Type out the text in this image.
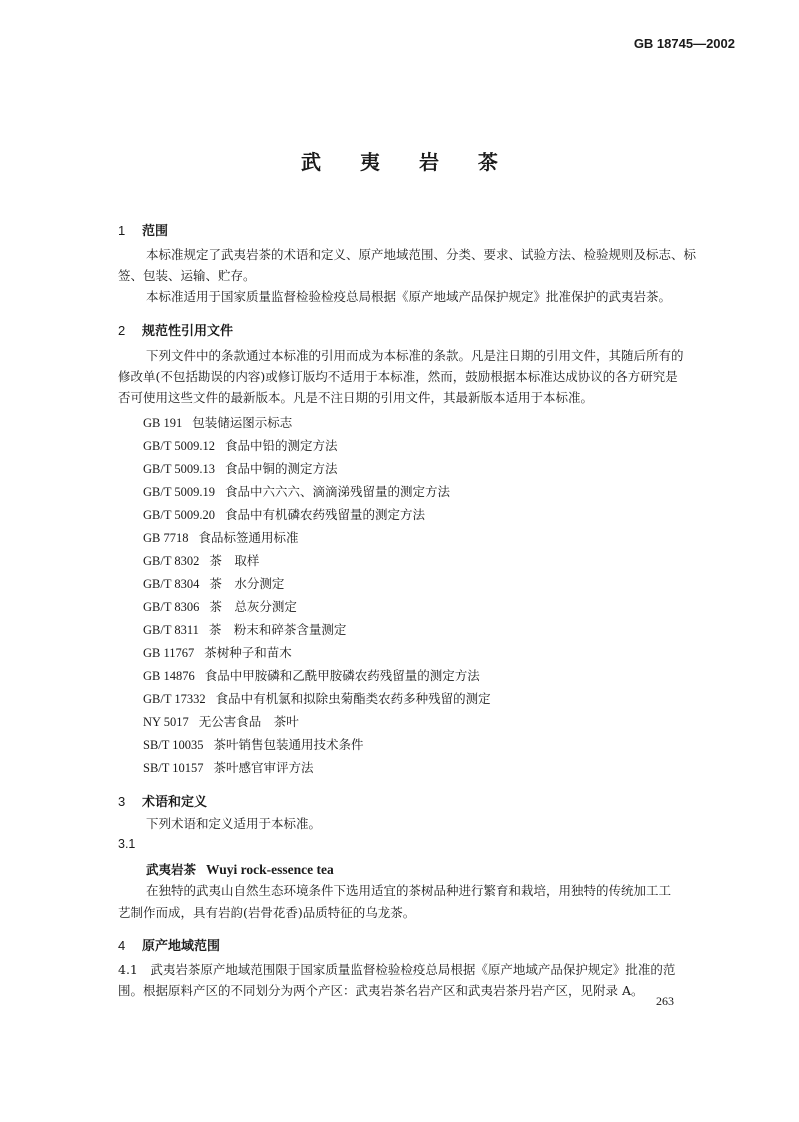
GB 18745—2002
武 夷 岩 茶
1 范围
本标准规定了武夷岩茶的术语和定义、原产地域范围、分类、要求、试验方法、检验规则及标志、标
签、包装、运输、贮存。
本标准适用于国家质量监督检验检疫总局根据《原产地域产品保护规定》批准保护的武夷岩茶。
2 规范性引用文件
下列文件中的条款通过本标准的引用而成为本标准的条款。凡是注日期的引用文件，其随后所有的
修改单(不包括勘误的内容)或修订版均不适用于本标准，然而，鼓励根据本标准达成协议的各方研究是
否可使用这些文件的最新版本。凡是不注日期的引用文件，其最新版本适用于本标准。
GB 191 包装储运图示标志
GB/T 5009.12 食品中铅的测定方法
GB/T 5009.13 食品中铜的测定方法
GB/T 5009.19 食品中六六六、滴滴涕残留量的测定方法
GB/T 5009.20 食品中有机磷农药残留量的测定方法
GB 7718 食品标签通用标准
GB/T 8302 茶　取样
GB/T 8304 茶　水分测定
GB/T 8306 茶　总灰分测定
GB/T 8311 茶　粉末和碎茶含量测定
GB 11767 茶树种子和苗木
GB 14876 食品中甲胺磷和乙酰甲胺磷农药残留量的测定方法
GB/T 17332 食品中有机氯和拟除虫菊酯类农药多种残留的测定
NY 5017 无公害食品　茶叶
SB/T 10035 茶叶销售包装通用技术条件
SB/T 10157 茶叶感官审评方法
3 术语和定义
下列术语和定义适用于本标准。
3.1
武夷岩茶 Wuyi rock-essence tea
在独特的武夷山自然生态环境条件下选用适宜的茶树品种进行繁育和栽培，用独特的传统加工工
艺制作而成，具有岩韵(岩骨花香)品质特征的乌龙茶。
4 原产地域范围
4.1　武夷岩茶原产地域范围限于国家质量监督检验检疫总局根据《原产地域产品保护规定》批准的范
围。根据原料产区的不同划分为两个产区：武夷岩茶名岩产区和武夷岩茶丹岩产区，见附录 A。
263
